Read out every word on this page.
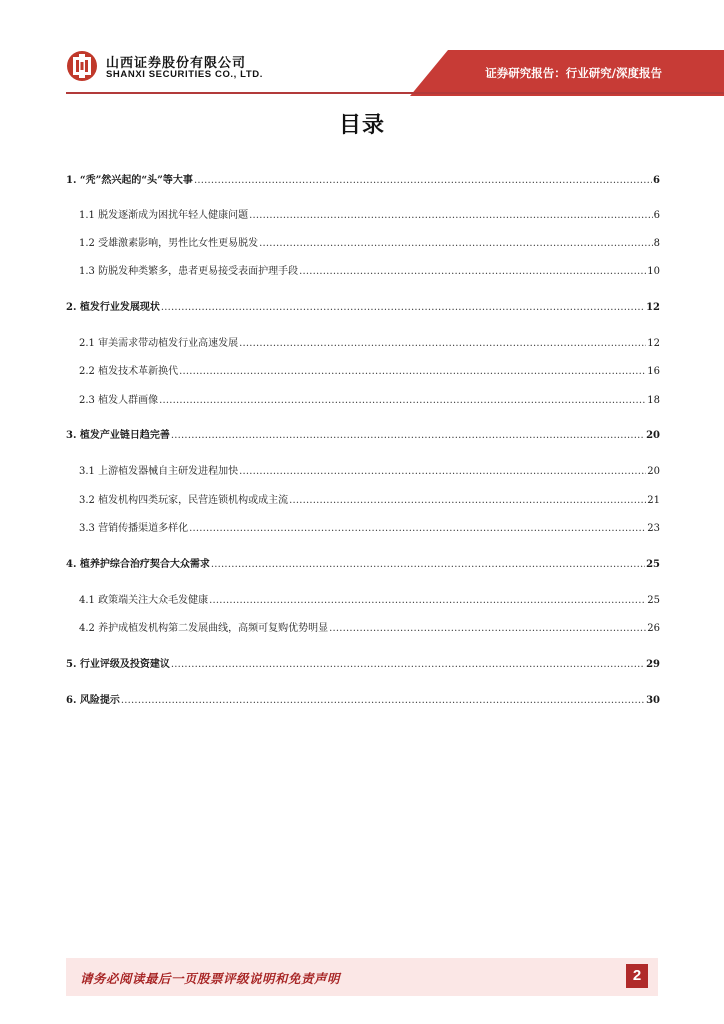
山西证券股份有限公司
SHANXI SECURITIES CO., LTD.	证券研究报告：行业研究/深度报告
目录
1. “秃”然兴起的“头”等大事 .....	6
1.1 脱发逐渐成为困扰年轻人健康问题 .....	6
1.2 受雄激素影响，男性比女性更易脱发 .....	8
1.3 防脱发种类繁多，患者更易接受表面护理手段 .....	10
2. 植发行业发展现状 .....	12
2.1 审美需求带动植发行业高速发展 .....	12
2.2 植发技术革新换代 .....	16
2.3 植发人群画像 .....	18
3. 植发产业链日趋完善 .....	20
3.1 上游植发器械自主研发进程加快 .....	20
3.2 植发机构四类玩家，民营连锁机构或成主流 .....	21
3.3 营销传播渠道多样化 .....	23
4. 植养护综合治疗契合大众需求 .....	25
4.1 政策端关注大众毛发健康 .....	25
4.2 养护成植发机构第二发展曲线，高频可复购优势明显 .....	26
5. 行业评级及投资建议 .....	29
6. 风险提示 .....	30
请务必阅读最后一页股票评级说明和免责声明	2
